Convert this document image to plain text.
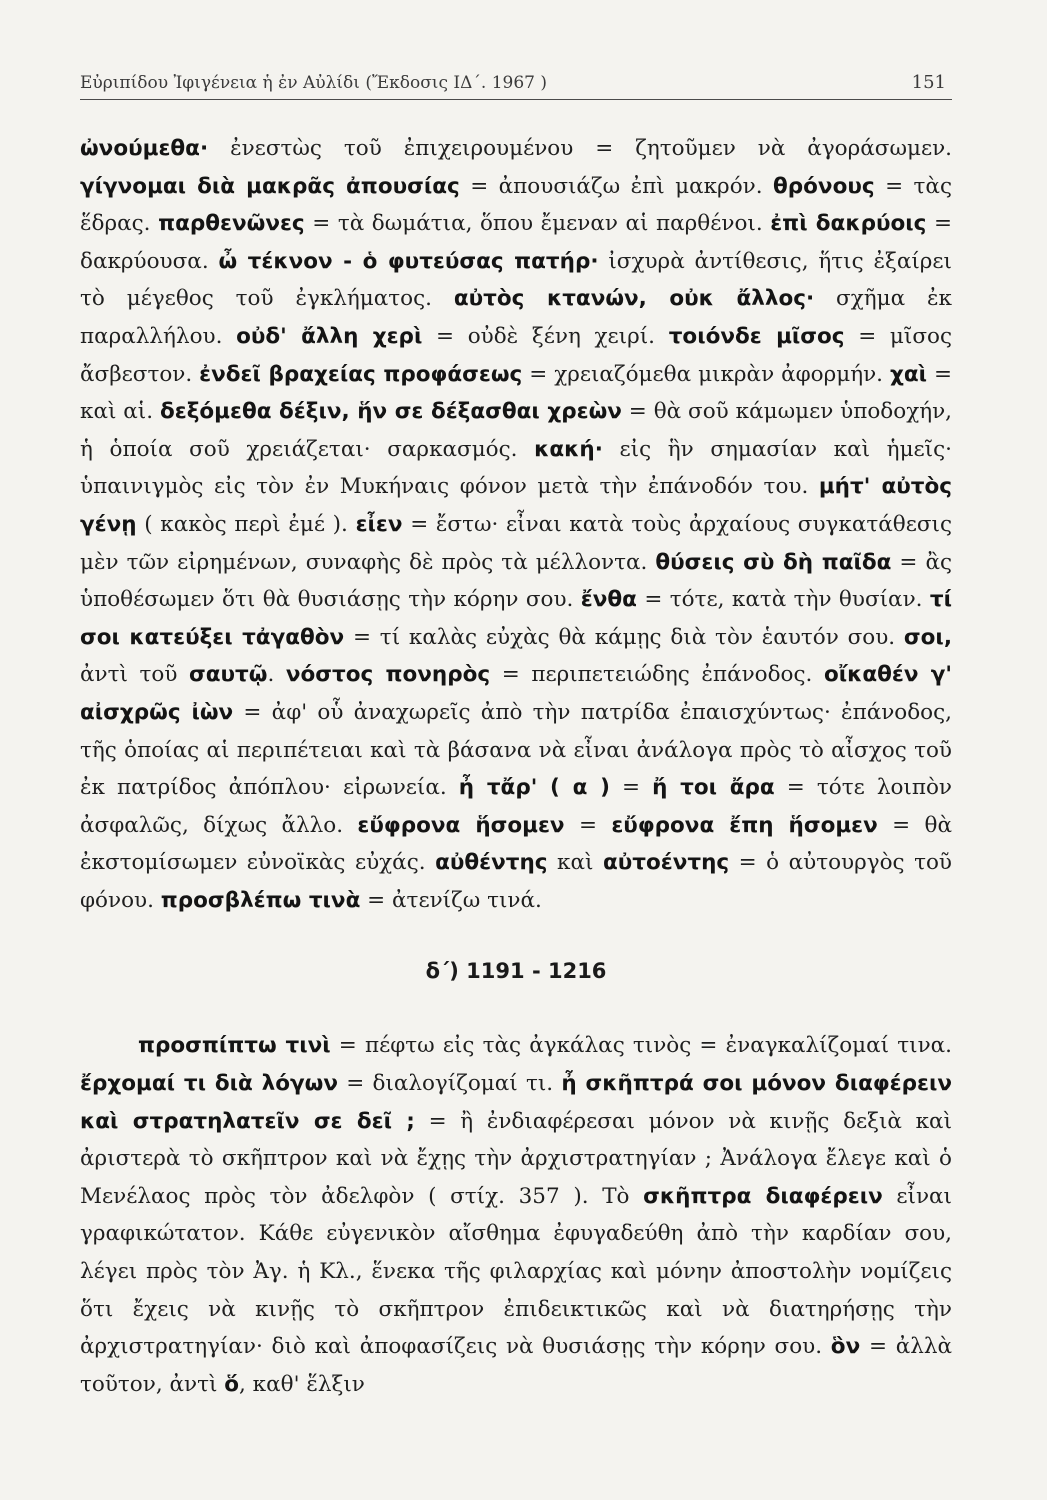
Εὐριπίδου Ἰφιγένεια ἡ ἐν Αὐλίδι (Ἔκδοσις ΙΔ΄. 1967 )	151
ὠνούμεθα· ἐνεστὼς τοῦ ἐπιχειρουμένου = ζητοῦμεν νὰ ἀγοράσωμεν. γίγνομαι διὰ μακρᾶς ἀπουσίας = ἀπουσιάζω ἐπὶ μακρόν. θρόνους = τὰς ἕδρας. παρθενῶνες = τὰ δωμάτια, ὅπου ἔμεναν αἱ παρθένοι. ἐπὶ δακρύοις = δακρύουσα. ὦ τέκνον - ὁ φυτεύσας πατήρ· ἰσχυρὰ ἀντίθεσις, ἥτις ἐξαίρει τὸ μέγεθος τοῦ ἐγκλήματος. αὐτὸς κτανών, οὐκ ἄλλος· σχῆμα ἐκ παραλλήλου. οὐδ' ἄλλη χερὶ = οὐδὲ ξένη χειρί. τοιόνδε μῖσος = μῖσος ἄσβεστον. ἐνδεῖ βραχείας προφάσεως = χρειαζόμεθα μικρὰν ἀφορμήν. χαὶ = καὶ αἱ. δεξόμεθα δέξιν, ἥν σε δέξασθαι χρεὼν = θὰ σοῦ κάμωμεν ὑποδοχήν, ἡ ὁποία σοῦ χρειάζεται· σαρκασμός. κακή· εἰς ἣν σημασίαν καὶ ἡμεῖς· ὑπαινιγμὸς εἰς τὸν ἐν Μυκήναις φόνον μετὰ τὴν ἐπάνοδόν του. μήτ' αὐτὸς γένῃ ( κακὸς περὶ ἐμέ ). εἶεν = ἔστω· εἶναι κατὰ τοὺς ἀρχαίους συγκατάθεσις μὲν τῶν εἰρημένων, συναφὴς δὲ πρὸς τὰ μέλλοντα. θύσεις σὺ δὴ παῖδα = ἂς ὑποθέσωμεν ὅτι θὰ θυσιάσῃς τὴν κόρην σου. ἔνθα = τότε, κατὰ τὴν θυσίαν. τί σοι κατεύξει τἀγαθὸν = τί καλὰς εὐχὰς θὰ κάμῃς διὰ τὸν ἑαυτόν σου. σοι, ἀντὶ τοῦ σαυτῷ. νόστος πονηρὸς = περιπετειώδης ἐπάνοδος. οἴκαθέν γ' αἰσχρῶς ἰὼν = ἀφ' οὗ ἀναχωρεῖς ἀπὸ τὴν πατρίδα ἐπαισχύντως· ἐπάνοδος, τῆς ὁποίας αἱ περιπέτειαι καὶ τὰ βάσανα νὰ εἶναι ἀνάλογα πρὸς τὸ αἶσχος τοῦ ἐκ πατρίδος ἀπόπλου· εἰρωνεία. ἦ τἄρ' ( α ) = ἤ τοι ἄρα = τότε λοιπὸν ἀσφαλῶς, δίχως ἄλλο. εὔφρονα ἥσομεν = εὔφρονα ἔπη ἥσομεν = θὰ ἐκστομίσωμεν εὐνοϊκὰς εὐχάς. αὐθέντης καὶ αὐτοέντης = ὁ αὐτουργὸς τοῦ φόνου. προσβλέπω τινὰ = ἀτενίζω τινά.
δ΄) 1191 - 1216
προσπίπτω τινὶ = πέφτω εἰς τὰς ἀγκάλας τινὸς = ἐναγκαλίζομαί τινα. ἔρχομαί τι διὰ λόγων = διαλογίζομαί τι. ἦ σκῆπτρά σοι μόνον διαφέρειν καὶ στρατηλατεῖν σε δεῖ ; = ἢ ἐνδιαφέρεσαι μόνον νὰ κινῇς δεξιὰ καὶ ἀριστερὰ τὸ σκῆπτρον καὶ νὰ ἔχῃς τὴν ἀρχιστρατηγίαν ; Ἀνάλογα ἔλεγε καὶ ὁ Μενέλαος πρὸς τὸν ἀδελφὸν ( στίχ. 357 ). Τὸ σκῆπτρα διαφέρειν εἶναι γραφικώτατον. Κάθε εὐγενικὸν αἴσθημα ἐφυγαδεύθη ἀπὸ τὴν καρδίαν σου, λέγει πρὸς τὸν Ἀγ. ἡ Κλ., ἕνεκα τῆς φιλαρχίας καὶ μόνην ἀποστολὴν νομίζεις ὅτι ἔχεις νὰ κινῇς τὸ σκῆπτρον ἐπιδεικτικῶς καὶ νὰ διατηρήσῃς τὴν ἀρχιστρατηγίαν· διὸ καὶ ἀποφασίζεις νὰ θυσιάσῃς τὴν κόρην σου. ὃν = ἀλλὰ τοῦτον, ἀντὶ ὅ, καθ' ἕλξιν
